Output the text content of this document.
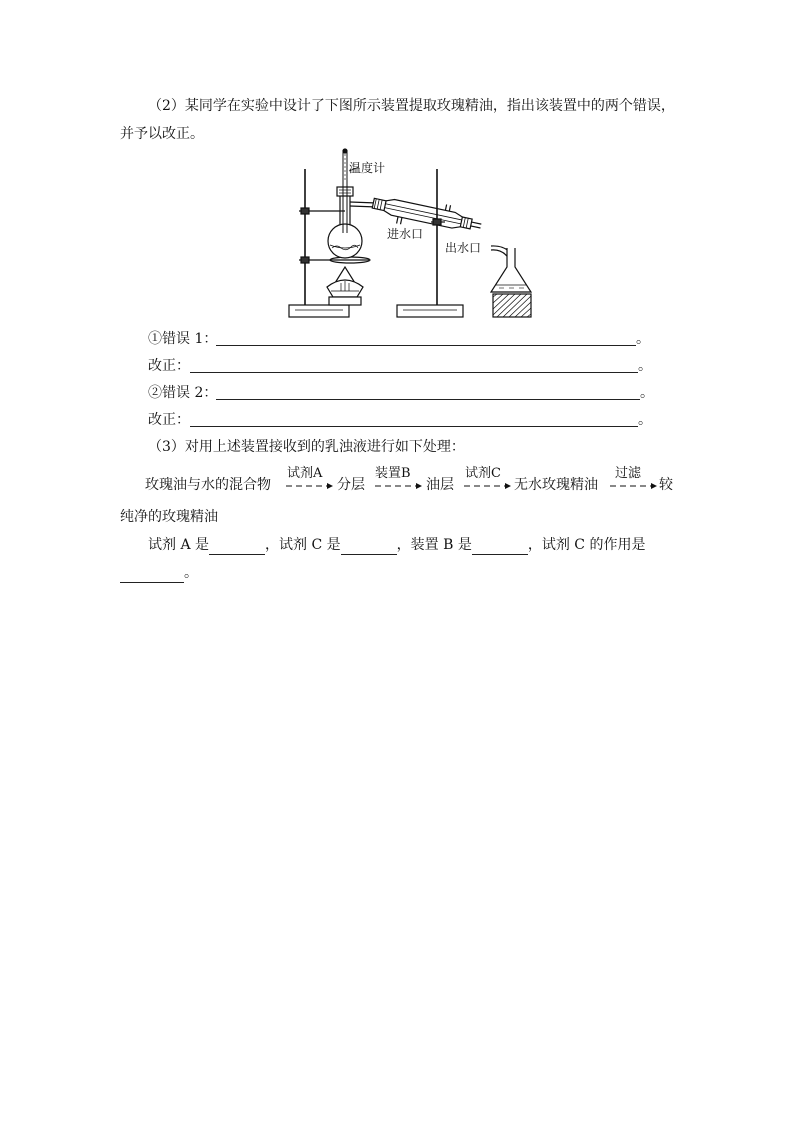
（2）某同学在实验中设计了下图所示装置提取玫瑰精油，指出该装置中的两个错误，
并予以改正。
温度计
进水口
出水口
①错误 1：	。
改正：	。
②错误 2：	。
改正：	。
（3）对用上述装置接收到的乳浊液进行如下处理：
玫瑰油与水的混合物
试剂A
分层
装置B
油层
试剂C
无水玫瑰精油
过滤
较
纯净的玫瑰精油
试剂 A 是	，试剂 C 是	，装置 B 是	，试剂 C 的作用是
。
